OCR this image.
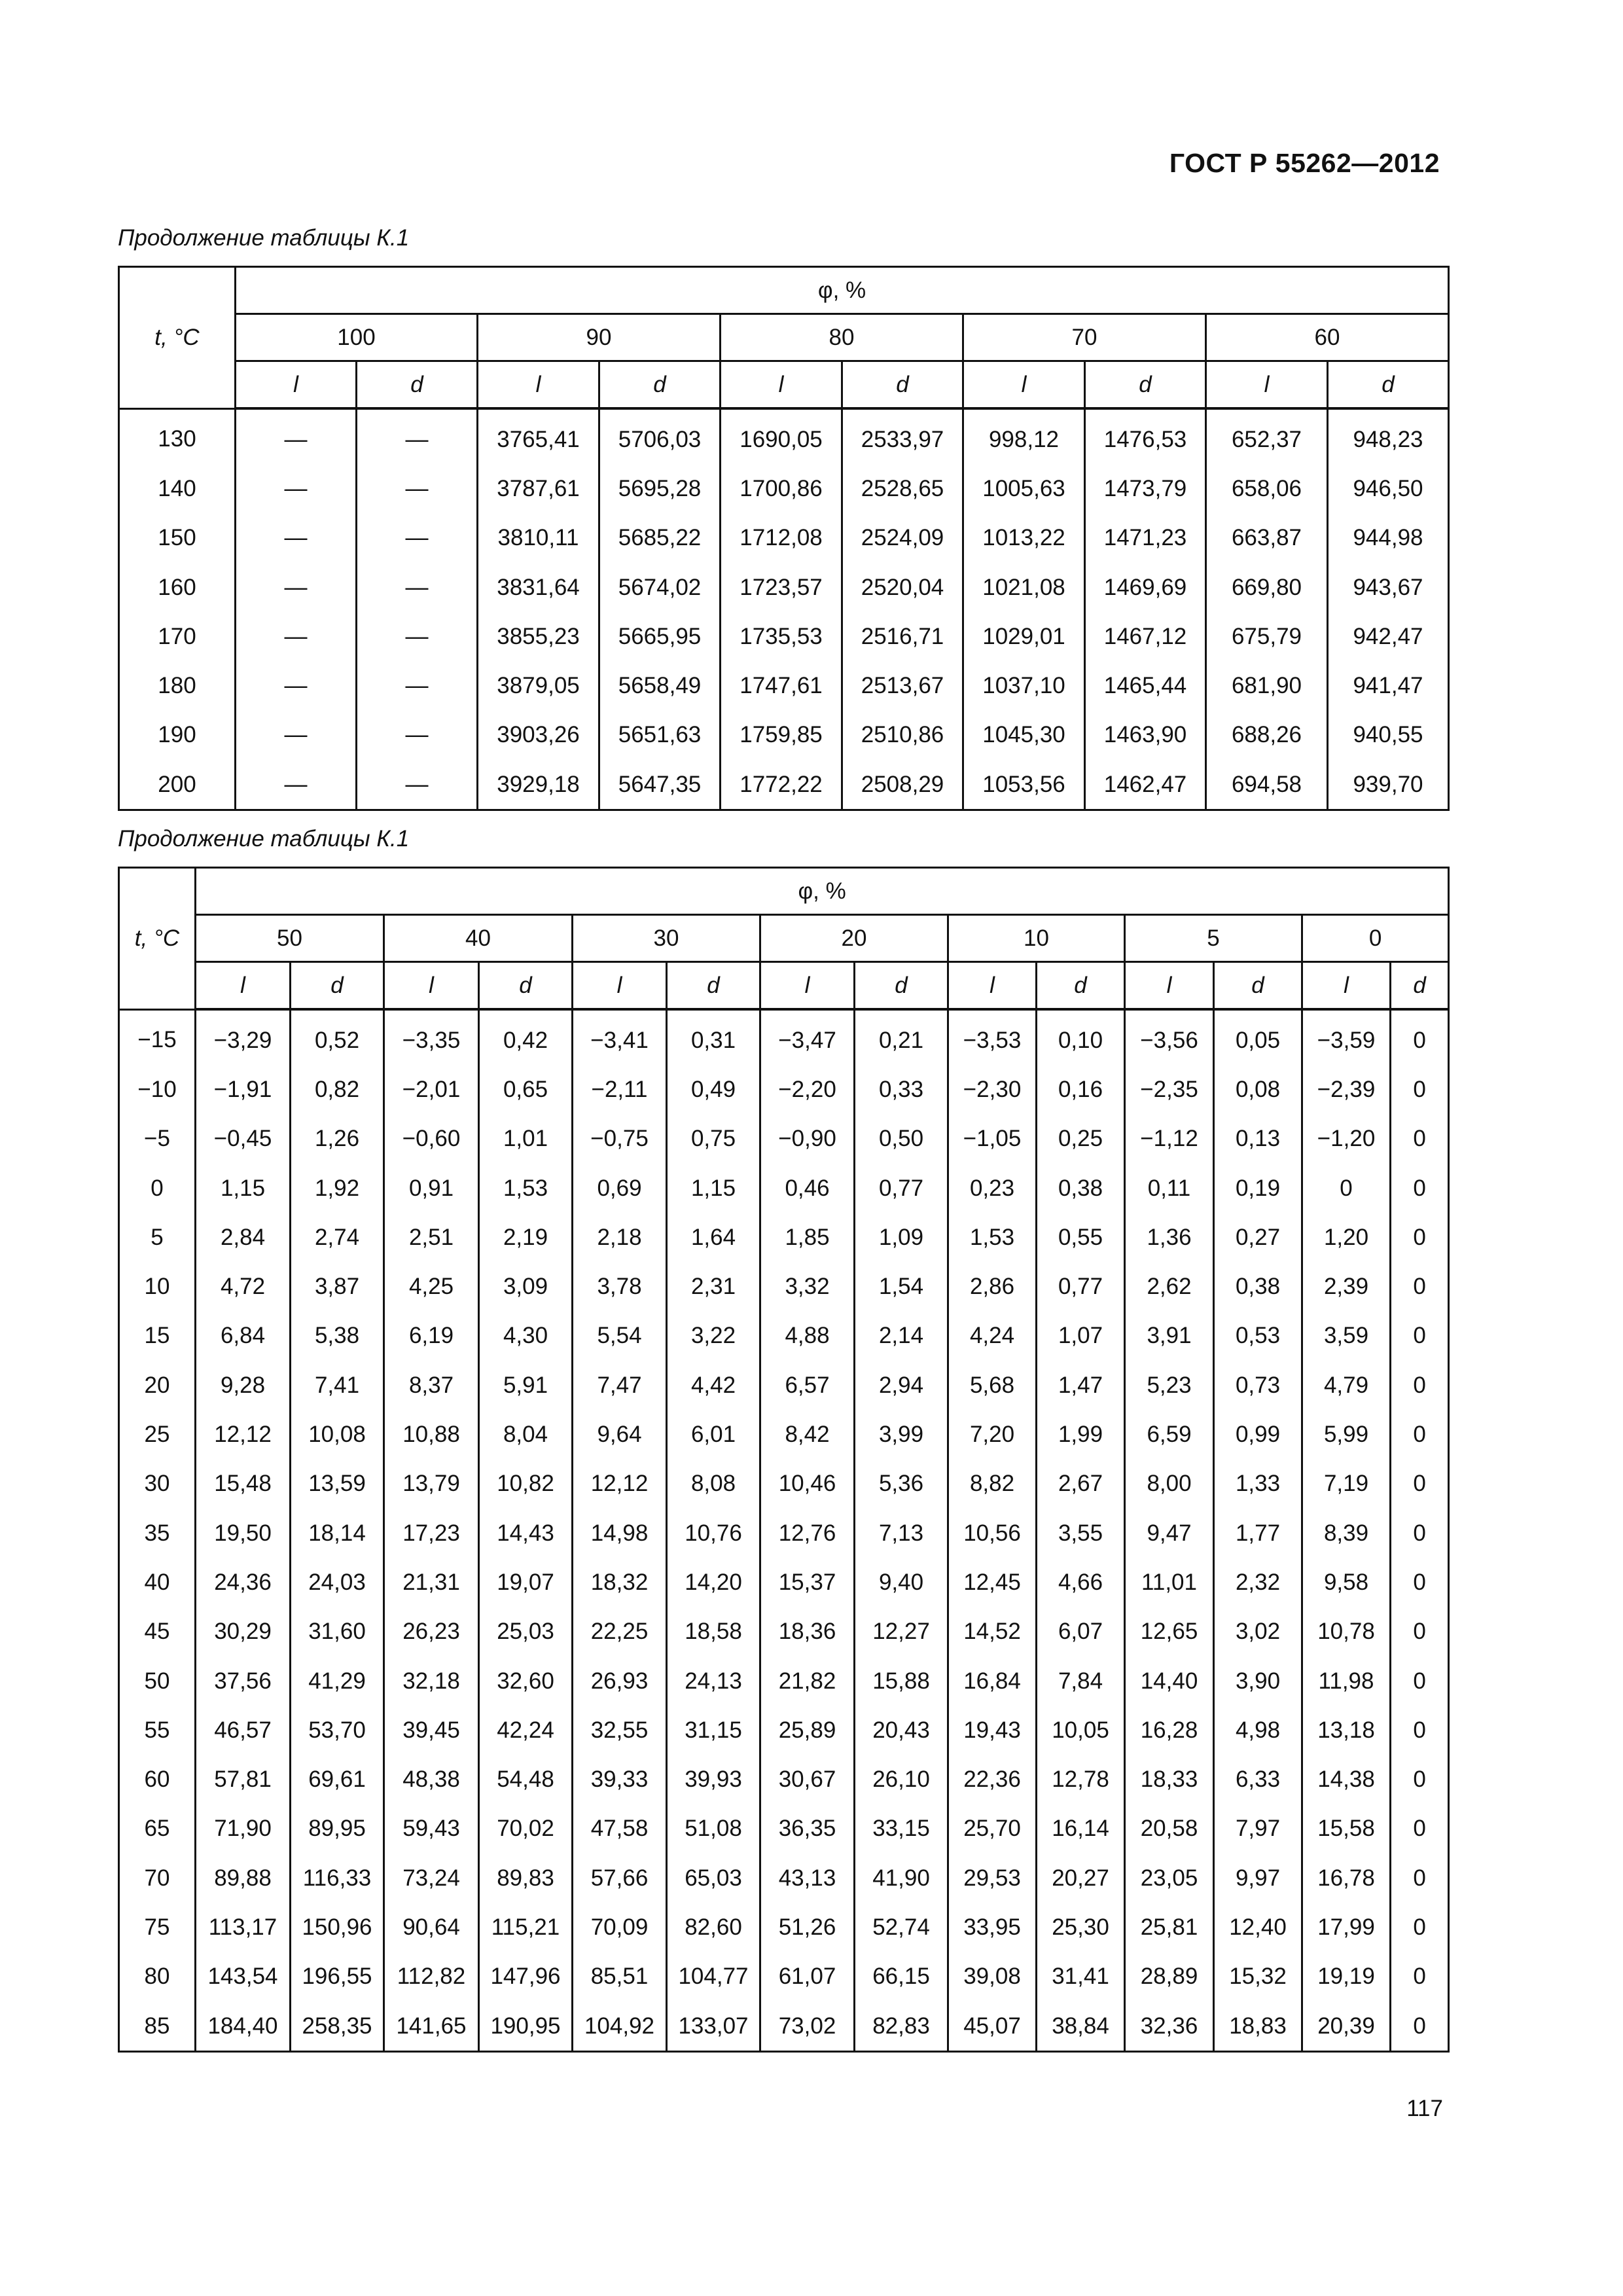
ГОСТ Р 55262—2012
Продолжение таблицы К.1
t, °C	φ, %									
	100		90		80		70		60	
	l	d	l	d	l	d	l	d	l	d
130	—	—	3765,41	5706,03	1690,05	2533,97	998,12	1476,53	652,37	948,23
140	—	—	3787,61	5695,28	1700,86	2528,65	1005,63	1473,79	658,06	946,50
150	—	—	3810,11	5685,22	1712,08	2524,09	1013,22	1471,23	663,87	944,98
160	—	—	3831,64	5674,02	1723,57	2520,04	1021,08	1469,69	669,80	943,67
170	—	—	3855,23	5665,95	1735,53	2516,71	1029,01	1467,12	675,79	942,47
180	—	—	3879,05	5658,49	1747,61	2513,67	1037,10	1465,44	681,90	941,47
190	—	—	3903,26	5651,63	1759,85	2510,86	1045,30	1463,90	688,26	940,55
200	—	—	3929,18	5647,35	1772,22	2508,29	1053,56	1462,47	694,58	939,70
Продолжение таблицы К.1
t, °C	φ, %													
	50		40		30		20		10		5		0	
	l	d	l	d	l	d	l	d	l	d	l	d	l	d
−15	−3,29	0,52	−3,35	0,42	−3,41	0,31	−3,47	0,21	−3,53	0,10	−3,56	0,05	−3,59	0
−10	−1,91	0,82	−2,01	0,65	−2,11	0,49	−2,20	0,33	−2,30	0,16	−2,35	0,08	−2,39	0
−5	−0,45	1,26	−0,60	1,01	−0,75	0,75	−0,90	0,50	−1,05	0,25	−1,12	0,13	−1,20	0
0	1,15	1,92	0,91	1,53	0,69	1,15	0,46	0,77	0,23	0,38	0,11	0,19	0	0
5	2,84	2,74	2,51	2,19	2,18	1,64	1,85	1,09	1,53	0,55	1,36	0,27	1,20	0
10	4,72	3,87	4,25	3,09	3,78	2,31	3,32	1,54	2,86	0,77	2,62	0,38	2,39	0
15	6,84	5,38	6,19	4,30	5,54	3,22	4,88	2,14	4,24	1,07	3,91	0,53	3,59	0
20	9,28	7,41	8,37	5,91	7,47	4,42	6,57	2,94	5,68	1,47	5,23	0,73	4,79	0
25	12,12	10,08	10,88	8,04	9,64	6,01	8,42	3,99	7,20	1,99	6,59	0,99	5,99	0
30	15,48	13,59	13,79	10,82	12,12	8,08	10,46	5,36	8,82	2,67	8,00	1,33	7,19	0
35	19,50	18,14	17,23	14,43	14,98	10,76	12,76	7,13	10,56	3,55	9,47	1,77	8,39	0
40	24,36	24,03	21,31	19,07	18,32	14,20	15,37	9,40	12,45	4,66	11,01	2,32	9,58	0
45	30,29	31,60	26,23	25,03	22,25	18,58	18,36	12,27	14,52	6,07	12,65	3,02	10,78	0
50	37,56	41,29	32,18	32,60	26,93	24,13	21,82	15,88	16,84	7,84	14,40	3,90	11,98	0
55	46,57	53,70	39,45	42,24	32,55	31,15	25,89	20,43	19,43	10,05	16,28	4,98	13,18	0
60	57,81	69,61	48,38	54,48	39,33	39,93	30,67	26,10	22,36	12,78	18,33	6,33	14,38	0
65	71,90	89,95	59,43	70,02	47,58	51,08	36,35	33,15	25,70	16,14	20,58	7,97	15,58	0
70	89,88	116,33	73,24	89,83	57,66	65,03	43,13	41,90	29,53	20,27	23,05	9,97	16,78	0
75	113,17	150,96	90,64	115,21	70,09	82,60	51,26	52,74	33,95	25,30	25,81	12,40	17,99	0
80	143,54	196,55	112,82	147,96	85,51	104,77	61,07	66,15	39,08	31,41	28,89	15,32	19,19	0
85	184,40	258,35	141,65	190,95	104,92	133,07	73,02	82,83	45,07	38,84	32,36	18,83	20,39	0
117
